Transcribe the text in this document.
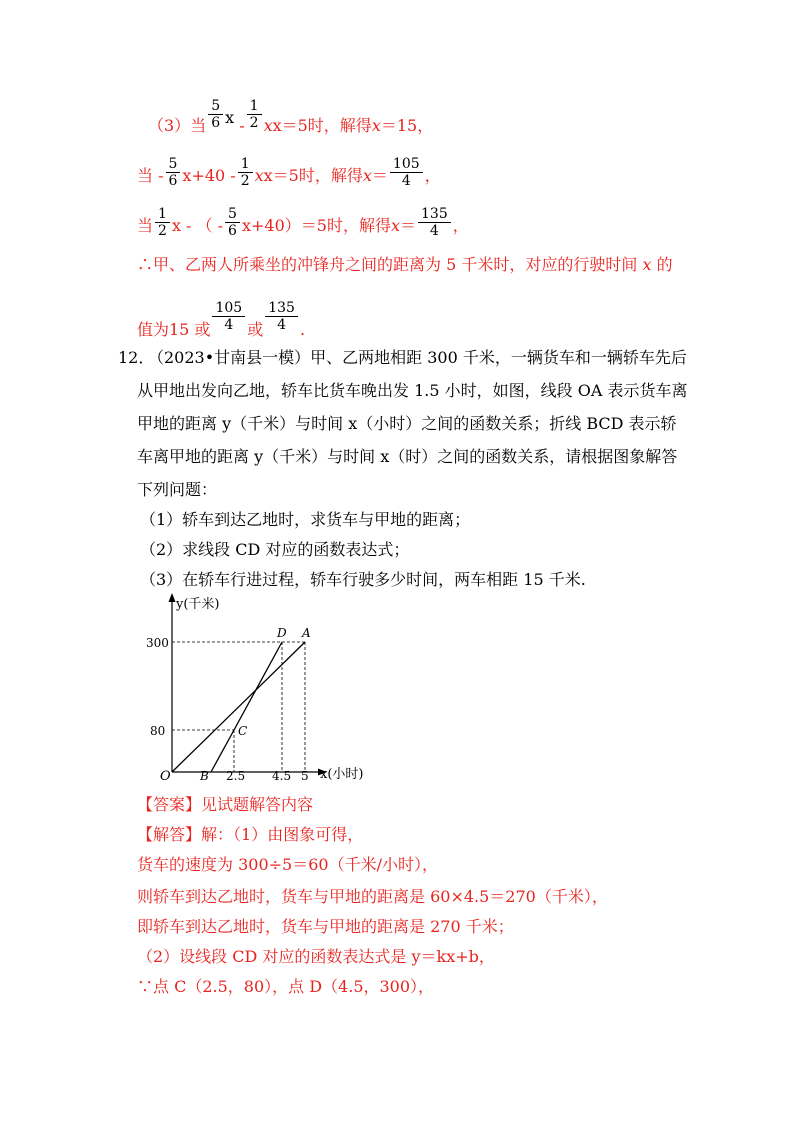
（3）当 $\frac{5}{6}$ $x - \frac{1}{2} xx=5$时，解得x＝15，
当 - $\frac{5}{6} x+40 - \frac{1}{2} xx=5$时，解得$x= \frac{105}{4}$ ，
当 $\frac{1}{2}$ x - （ - $\frac{5}{6} x+40)=5$时，解得$x= \frac{135}{4}$ ，
∴甲、乙两人所乘坐的冲锋舟之间的距离为 5 千米时，对应的行驶时间 x 的
值为15 或 $\frac{105}{4}$ 或 $\frac{135}{4}$ .
12．
（2023•甘南县一模）甲、乙两地相距 300 千米，一辆货车和一辆轿车先后
从甲地出发向乙地，轿车比货车晚出发 1.5 小时，如图，线段 OA 表示货车离
甲地的距离 y（千米）与时间 x（小时）之间的函数关系；折线 BCD 表示轿
车离甲地的距离 y（千米）与时间 x（时）之间的函数关系，请根据图象解答
下列问题：
（1）轿车到达乙地时，求货车与甲地的距离；
（2）求线段 CD 对应的函数表达式；
（3）在轿车行进过程，轿车行驶多少时间，两车相距 15 千米.
y(千米)
x(小时)
300
80
O B
C
D A
2.5 4.5 5
【答案】见试题解答内容
【解答】解：（1）由图象可得，
货车的速度为 300÷5＝60（千米/小时），
则轿车到达乙地时，货车与甲地的距离是 60×4.5＝270（千米），
即轿车到达乙地时，货车与甲地的距离是 270 千米；
（2）设线段 CD 对应的函数表达式是 y＝kx+b，
∵点 C（2.5，80），点 D（4.5，300），
